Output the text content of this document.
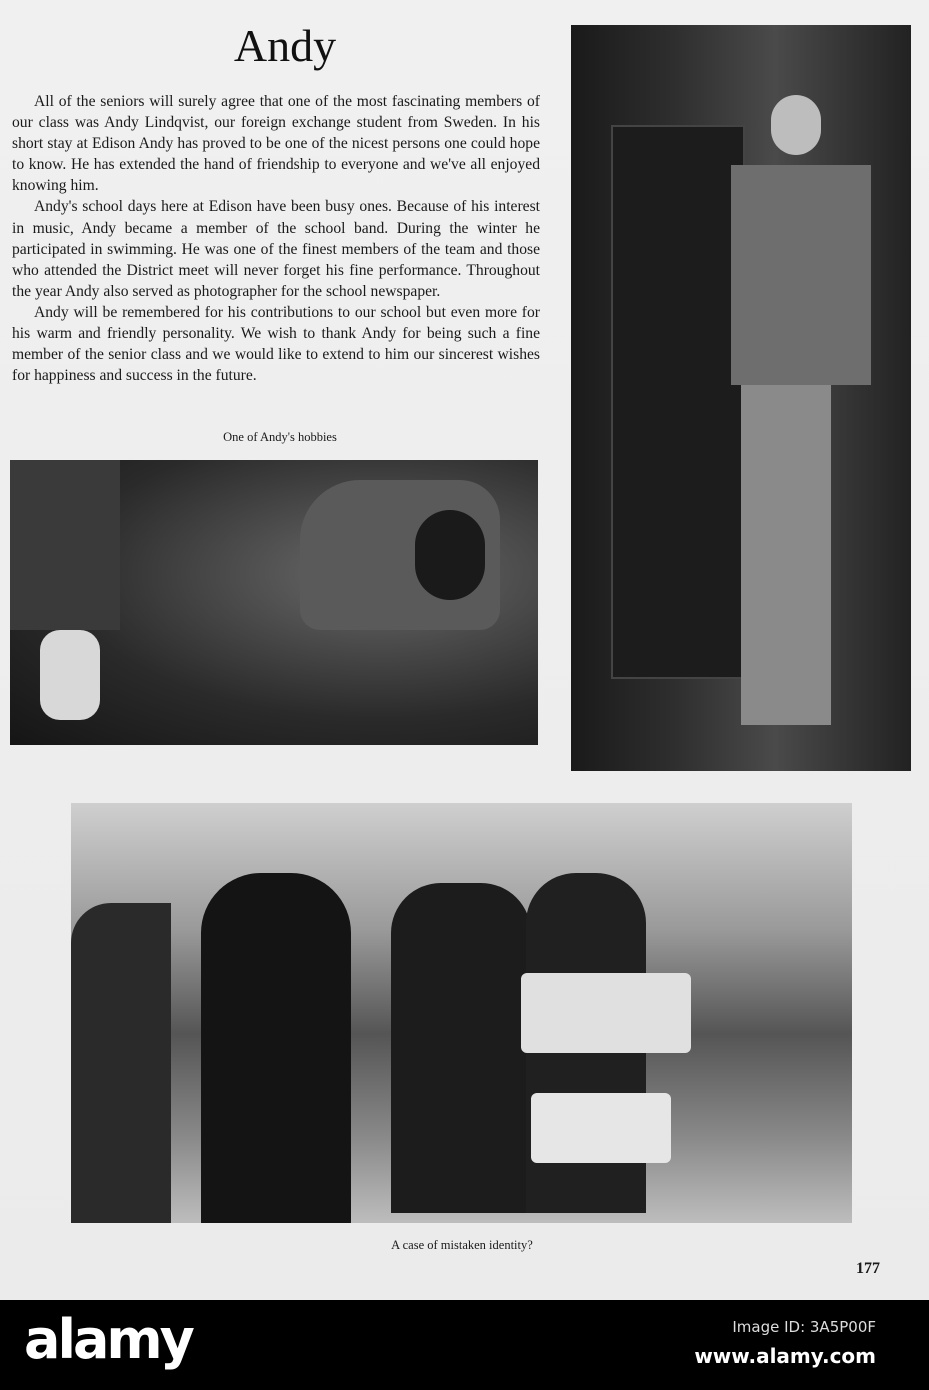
Andy

All of the seniors will surely agree that one of the most fascinating members of our class was Andy Lindqvist, our foreign exchange student from Sweden. In his short stay at Edison Andy has proved to be one of the nicest persons one could hope to know. He has extended the hand of friendship to everyone and we've all enjoyed knowing him.

Andy's school days here at Edison have been busy ones. Because of his interest in music, Andy became a member of the school band. During the winter he participated in swimming. He was one of the finest members of the team and those who attended the District meet will never forget his fine performance. Throughout the year Andy also served as photographer for the school newspaper.

Andy will be remembered for his contributions to our school but even more for his warm and friendly personality. We wish to thank Andy for being such a fine member of the senior class and we would like to extend to him our sincerest wishes for happiness and success in the future.

One of Andy's hobbies
A case of mistaken identity?
177
alamy	Image ID: 3A5P00F
www.alamy.com
